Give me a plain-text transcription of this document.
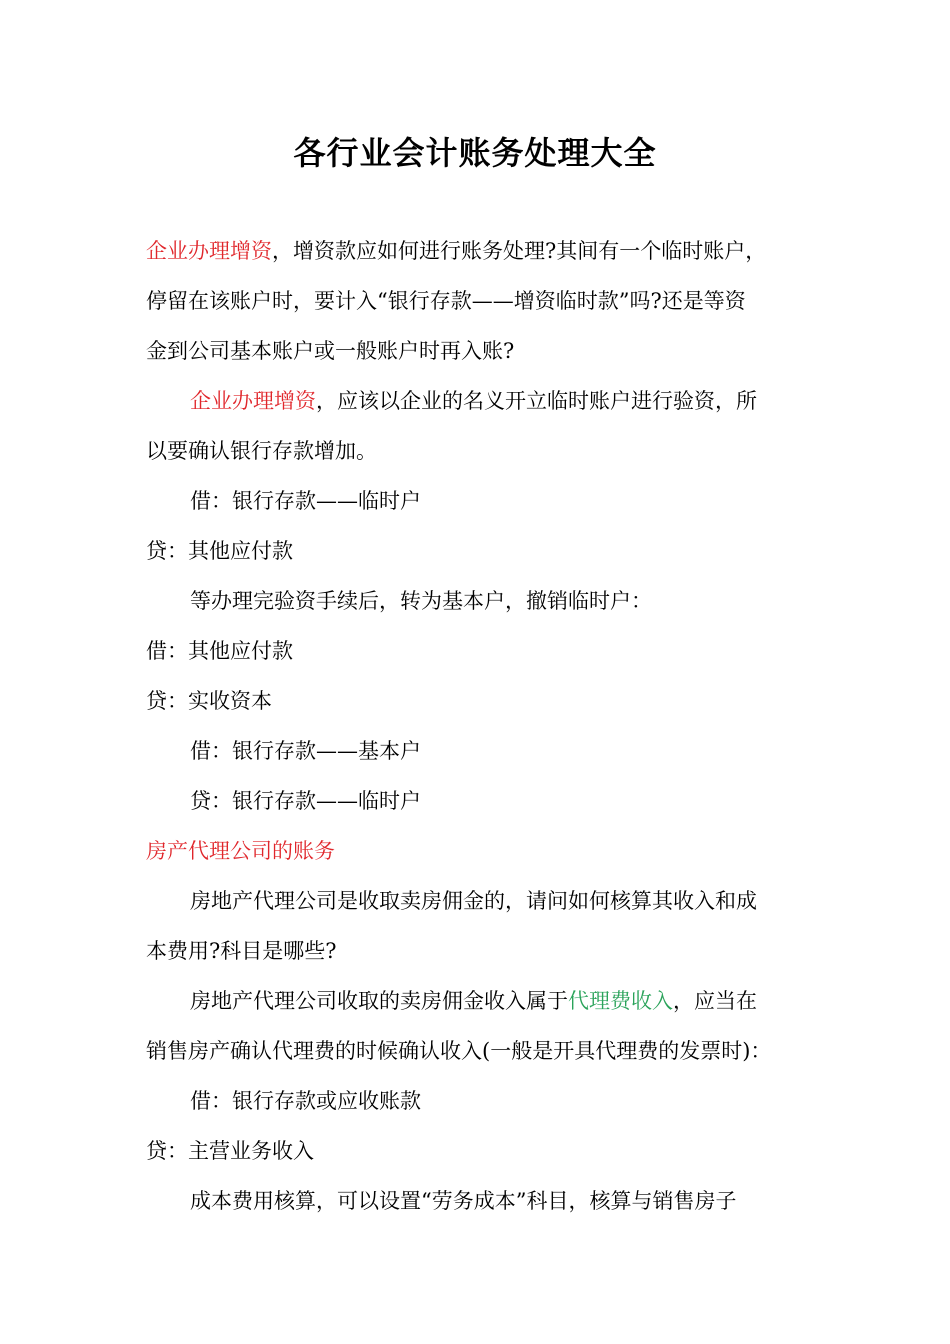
各行业会计账务处理大全
企业办理增资，增资款应如何进行账务处理?其间有一个临时账户，
停留在该账户时，要计入“银行存款——增资临时款”吗?还是等资
金到公司基本账户或一般账户时再入账?
企业办理增资，应该以企业的名义开立临时账户进行验资，所
以要确认银行存款增加。
借：银行存款——临时户
贷：其他应付款
等办理完验资手续后，转为基本户，撤销临时户：
借：其他应付款
贷：实收资本
借：银行存款——基本户
贷：银行存款——临时户
房产代理公司的账务
房地产代理公司是收取卖房佣金的，请问如何核算其收入和成
本费用?科目是哪些?
房地产代理公司收取的卖房佣金收入属于代理费收入，应当在
销售房产确认代理费的时候确认收入(一般是开具代理费的发票时)：
借：银行存款或应收账款
贷：主营业务收入
成本费用核算，可以设置“劳务成本”科目，核算与销售房子
